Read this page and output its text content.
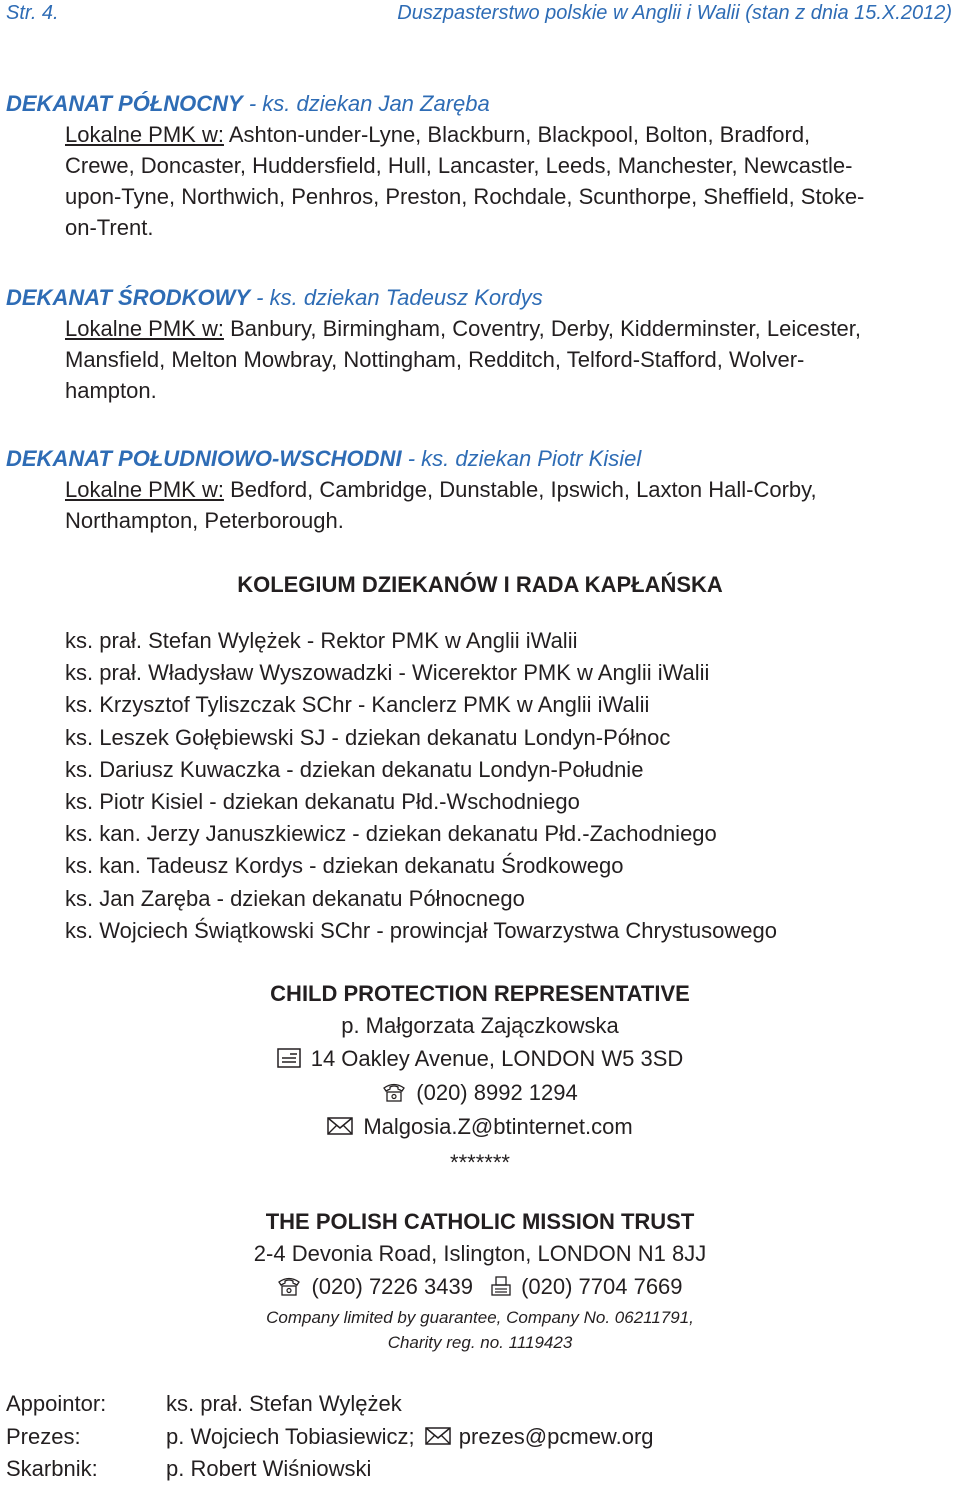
Str. 4.	Duszpasterstwo polskie w Anglii i Walii (stan z dnia 15.X.2012)
DEKANAT PÓŁNOCNY - ks. dziekan Jan Zaręba
Lokalne PMK w: Ashton-under-Lyne, Blackburn, Blackpool, Bolton, Bradford,
Crewe, Doncaster, Huddersfield, Hull, Lancaster, Leeds, Manchester, Newcastle-
upon-Tyne, Northwich, Penhros, Preston, Rochdale, Scunthorpe, Sheffield, Stoke-
on-Trent.
DEKANAT ŚRODKOWY - ks. dziekan Tadeusz Kordys
Lokalne PMK w: Banbury, Birmingham, Coventry, Derby, Kidderminster, Leicester,
Mansfield, Melton Mowbray, Nottingham, Redditch, Telford-Stafford, Wolver-
hampton.
DEKANAT POŁUDNIOWO-WSCHODNI - ks. dziekan Piotr Kisiel
Lokalne PMK w: Bedford, Cambridge, Dunstable, Ipswich, Laxton Hall-Corby,
Northampton, Peterborough.
KOLEGIUM DZIEKANÓW I RADA KAPŁAŃSKA
ks. prał. Stefan Wylężek - Rektor PMK w Anglii iWalii
ks. prał. Władysław Wyszowadzki - Wicerektor PMK w Anglii iWalii
ks. Krzysztof Tyliszczak SChr - Kanclerz PMK w Anglii iWalii
ks. Leszek Gołębiewski SJ - dziekan dekanatu Londyn-Północ
ks. Dariusz Kuwaczka - dziekan dekanatu Londyn-Południe
ks. Piotr Kisiel - dziekan dekanatu Płd.-Wschodniego
ks. kan. Jerzy Januszkiewicz - dziekan dekanatu Płd.-Zachodniego
ks. kan. Tadeusz Kordys - dziekan dekanatu Środkowego
ks. Jan Zaręba - dziekan dekanatu Północnego
ks. Wojciech Świątkowski SChr - prowincjał Towarzystwa Chrystusowego
CHILD PROTECTION REPRESENTATIVE
p. Małgorzata Zajączkowska
14 Oakley Avenue, LONDON W5 3SD
(020) 8992 1294
Malgosia.Z@btinternet.com
*******
THE POLISH CATHOLIC MISSION TRUST
2-4 Devonia Road, Islington, LONDON N1 8JJ
(020) 7226 3439 (020) 7704 7669
Company limited by guarantee, Company No. 06211791,
Charity reg. no. 1119423
Appointor:	ks. prał. Stefan Wylężek
Prezes:	p. Wojciech Tobiasiewicz; prezes@pcmew.org
Skarbnik:	p. Robert Wiśniowski
